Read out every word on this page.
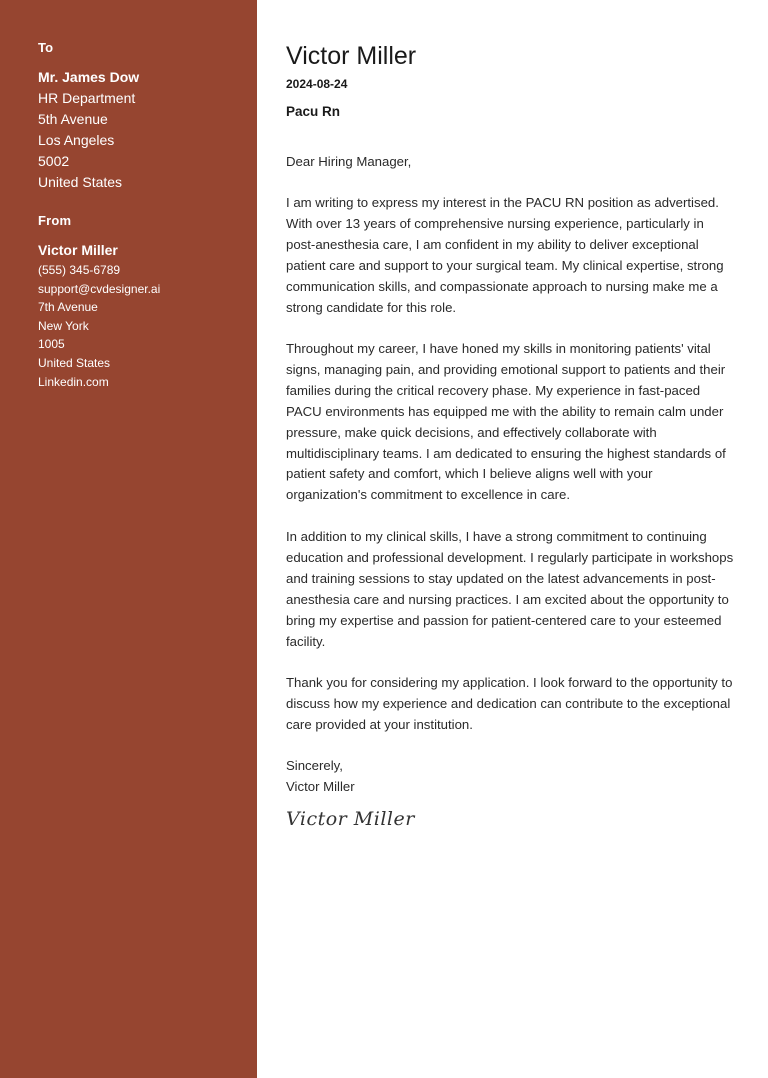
To
Mr. James Dow
HR Department
5th Avenue
Los Angeles
5002
United States
From
Victor Miller
(555) 345-6789
support@cvdesigner.ai
7th Avenue
New York
1005
United States
Linkedin.com
Victor Miller
2024-08-24
Pacu Rn

Dear Hiring Manager,

I am writing to express my interest in the PACU RN position as advertised. With over 13 years of comprehensive nursing experience, particularly in post-anesthesia care, I am confident in my ability to deliver exceptional patient care and support to your surgical team. My clinical expertise, strong communication skills, and compassionate approach to nursing make me a strong candidate for this role.

Throughout my career, I have honed my skills in monitoring patients' vital signs, managing pain, and providing emotional support to patients and their families during the critical recovery phase. My experience in fast-paced PACU environments has equipped me with the ability to remain calm under pressure, make quick decisions, and effectively collaborate with multidisciplinary teams. I am dedicated to ensuring the highest standards of patient safety and comfort, which I believe aligns well with your organization's commitment to excellence in care.

In addition to my clinical skills, I have a strong commitment to continuing education and professional development. I regularly participate in workshops and training sessions to stay updated on the latest advancements in post-anesthesia care and nursing practices. I am excited about the opportunity to bring my expertise and passion for patient-centered care to your esteemed facility.

Thank you for considering my application. I look forward to the opportunity to discuss how my experience and dedication can contribute to the exceptional care provided at your institution.

Sincerely,

Victor Miller

Victor Miller
